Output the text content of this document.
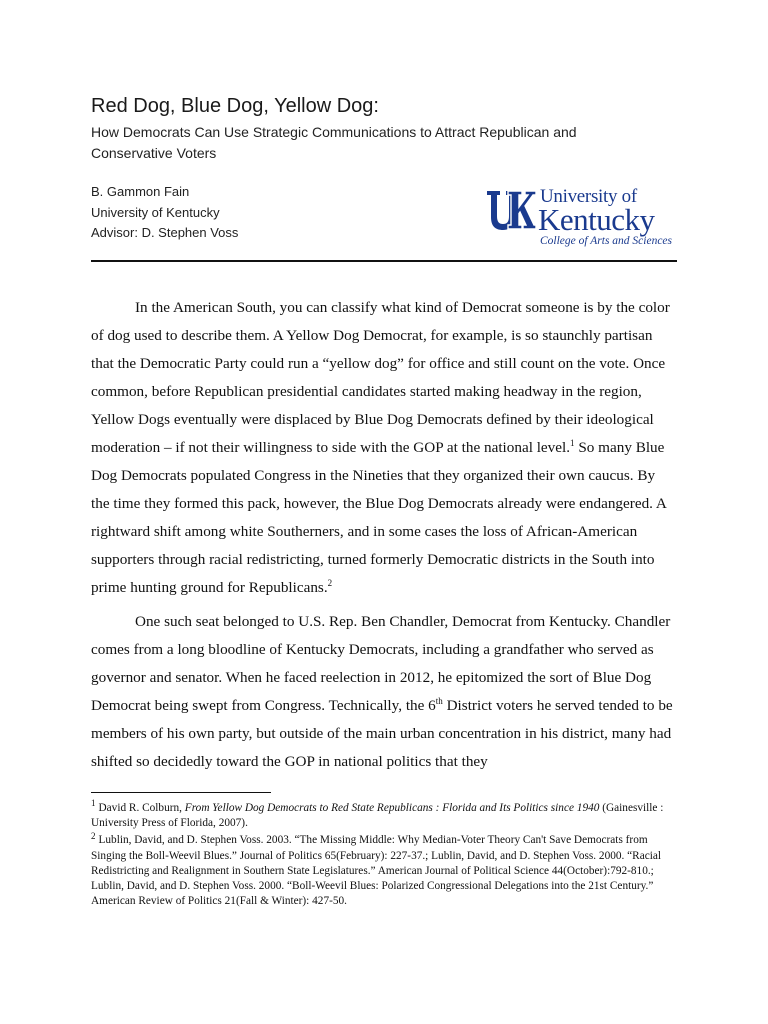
Red Dog, Blue Dog, Yellow Dog:
How Democrats Can Use Strategic Communications to Attract Republican and Conservative Voters
B. Gammon Fain
University of Kentucky
Advisor: D. Stephen Voss
University of
Kentucky
College of Arts and Sciences

In the American South, you can classify what kind of Democrat someone is by the color of dog used to describe them. A Yellow Dog Democrat, for example, is so staunchly partisan that the Democratic Party could run a “yellow dog” for office and still count on the vote. Once common, before Republican presidential candidates started making headway in the region, Yellow Dogs eventually were displaced by Blue Dog Democrats defined by their ideological moderation – if not their willingness to side with the GOP at the national level.$^1$ So many Blue Dog Democrats populated Congress in the Nineties that they organized their own caucus. By the time they formed this pack, however, the Blue Dog Democrats already were endangered. A rightward shift among white Southerners, and in some cases the loss of African-American supporters through racial redistricting, turned formerly Democratic districts in the South into prime hunting ground for Republicans.$^2$

One such seat belonged to U.S. Rep. Ben Chandler, Democrat from Kentucky. Chandler comes from a long bloodline of Kentucky Democrats, including a grandfather who served as governor and senator. When he faced reelection in 2012, he epitomized the sort of Blue Dog Democrat being swept from Congress. Technically, the 6th District voters he served tended to be members of his own party, but outside of the main urban concentration in his district, many had shifted so decidedly toward the GOP in national politics that they

$^1$ David R. Colburn, From Yellow Dog Democrats to Red State Republicans : Florida and Its Politics since 1940 (Gainesville : University Press of Florida, 2007).

$^2$ Lublin, David, and D. Stephen Voss. 2003. “The Missing Middle: Why Median-Voter Theory Can't Save Democrats from Singing the Boll-Weevil Blues.” Journal of Politics 65(February): 227-37.; Lublin, David, and D. Stephen Voss. 2000. “Racial Redistricting and Realignment in Southern State Legislatures.” American Journal of Political Science 44(October):792-810.; Lublin, David, and D. Stephen Voss. 2000. “Boll-Weevil Blues: Polarized Congressional Delegations into the 21st Century.” American Review of Politics 21(Fall & Winter): 427-50.
